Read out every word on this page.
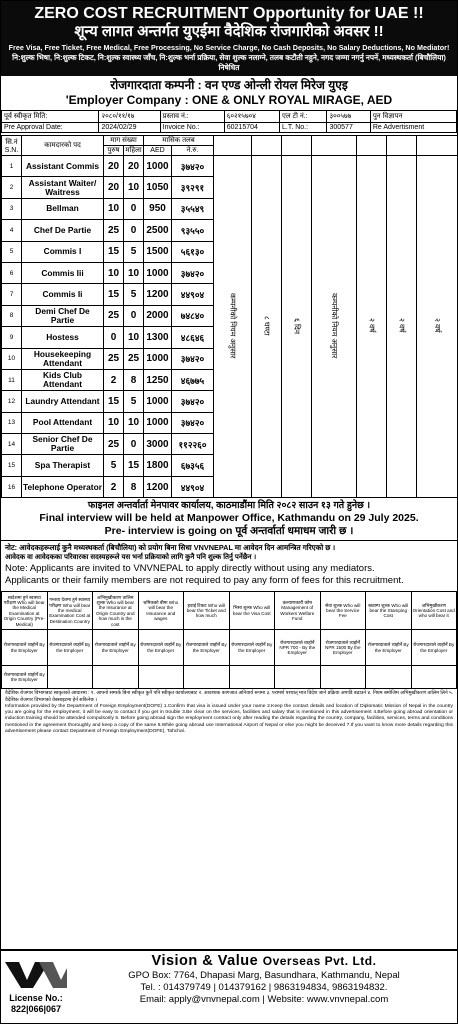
ZERO COST RECRUITMENT Opportunity for UAE !!
शून्य लागत अन्तर्गत युएईमा वैदेशिक रोजगारीको अवसर !!
Free Visa, Free Ticket, Free Medical, Free Processing, No Service Charge, No Cash Deposits, No Salary Deductions, No Mediator!
नि:शुल्क भिषा, नि:शुल्क टिकट, नि:शुल्क स्वास्थ्य जाँच, नि:शुल्क भर्ना प्रक्रिया, सेवा शुल्क नलाग्ने, तलब कटौती नहुने, नगद जम्मा नगर्नु नपर्ने, मध्यस्थकर्ता (बिचौलिया) निषेधित
रोजगारदाता कम्पनी : वन एण्ड ओन्ली रोयल मिरेज युएइ
'Employer Company : ONE & ONLY ROYAL MIRAGE, AED
पूर्व स्वीकृत मिति:	२०८०/११/१७	प्रस्ताव नं.:	६०२१५७०४	एल टी नं.:	३००५७७	पुन विज्ञापन
Pre Approval Date:	2024/02/29	Invoice No.:	60215704	L.T. No.:	300577	Re Advertisment
सि.नं S.N.	कामदारको पद	माग संख्या		मासिक तलब								
		पुरुष	महिला	AED	ने.रु.							
1	Assistant Commis	20	20	1000	३७४२०	कम्पनीको नियम अनुसार	८ घण्टा	६ दिन	कम्पनीको नियम अनुसार	२ वर्ष	२ वर्ष	२ वर्ष
2	Assistant Waiter/ Waitress	20	10	1050	३९२९१							
3	Bellman	10	0	950	३५५४९							
4	Chef De Partie	25	0	2500	९३५५०							
5	Commis I	15	5	1500	५६१३०							
6	Commis Iii	10	10	1000	३७४२०							
7	Commis Ii	15	5	1200	४४९०४							
8	Demi Chef De Partie	25	0	2000	७४८४०							
9	Hostess	0	10	1300	४८६४६							
10	Housekeeping Attendant	25	25	1000	३७४२०							
11	Kids Club Attendant	2	8	1250	४६७७५							
12	Laundry Attendant	15	5	1000	३७४२०							
13	Pool Attendant	10	10	1000	३७४२०							
14	Senior Chef De Partie	25	0	3000	११२२६०							
15	Spa Therapist	5	15	1800	६७३५६							
16	Telephone Operator	2	8	1200	४४९०४							
फाइनल अन्तर्वार्ता मेनपावर कार्यालय, काठमाडौंमा मिति २०८२ साउन १३ गते हुनेछ ।
Final interview will be held at Manpower Office, Kathmandu on 29 July 2025.
Pre- interview is going on पूर्व अन्तर्वार्ता धमाधम जारी छ ।
नोट: आवेदकहरूलाई कुनै मध्यस्थकर्ता (बिचौलिया) को प्रयोग बिना सिधा VNVNEPAL मा आवेदन दिन आमन्त्रित गरिएको छ ।
आवेदक वा आवेदकका परिवारका सदस्यहरूले यस भर्ना प्रक्रियाको लागि कुनै पनि शुल्क तिर्नु पर्नेछैन ।
Note: Applicants are invited to VNVNEPAL to apply directly without using any mediators.
Applicants or their family members are not required to pay any form of fees for this recruitment.
स्वदेशमा हुने स्वास्थ्य परीक्षण Who will bear the Medical Examination at Origin Country (Pre-Medical)	गन्तव्य देशमा हुने स्वास्थ्य परीक्षण Who will bear the medical Examination Cost at Destination Country	अभिमुखीकरण तालिम शुल्क Who will bear the Insurance at Origin Country and how much is the cost	श्रमिकको बीमा Who will bear the Insurance and wages	हवाई टिकट Who will bear the Ticket and how much	भिसा शुल्क Who will bear the Visa Cost	कल्याणकारी कोष Management of Workers Welfare Fund	सेवा शुल्क Who will bear the Service Fee	स्ट्याम्प शुल्क Who will bear the Stamping Cost	अभिमुखीकरण Orientation Cost and who will bear it
रोजगारदाताले व्यहोर्ने By the Employer	रोजगारदाताले व्यहोर्ने By the Employer	रोजगारदाताले व्यहोर्ने By the Employer	रोजगारदाताले व्यहोर्ने By the Employer	रोजगारदाताले व्यहोर्ने By the Employer	रोजगारदाताले व्यहोर्ने By the Employer	रोजगारदाताले व्यहोर्ने NPR 700 - By the Employer	रोजगारदाताले व्यहोर्ने NPR 1500 By the Employer	रोजगारदाताले व्यहोर्ने By the Employer	रोजगारदाताले व्यहोर्ने By the Employer
रोजगारदाताले व्यहोर्ने By the Employer									
वैदेशिक रोजगार विभागबाट स्वकृतको आधारमा : १. आफ्नो सम्पर्क बिना स्वीकृत कुनै पनि स्वीकृत कार्यालयबाट २. आवश्यक कागजात अनिवार्य रूपमा ३. परामर्श पश्चात् मात्र विदेश जाने प्रक्रिया अगाडि बढाउने ४. नियम बमोजिम अभिमुखीकरण तालिम लिने ५. वैदेशिक रोजगार विभागको वेबसाइटमा हेर्न सकिनेछ ।
Information provided by the Department of Foreign Employment(DOFE) 1.Confirm that visa is issued under your name 2.Keep the contact details and location of Diplomatic Mission of Nepal in the country you are going for the employment, it will be easy to contact if you get in trouble 3.Be clear on the services, facilities and salary that is mentioned in this advertisement 4.Before going abroad orientation or induction training should be attended compulsorily 5. Before going abroad sign the employment contract only after reading the details regarding the country, company, facilities, services, terms and conditions mentioned in the agreement thoroughly and keep a copy of the same 6.While going abroad use International Airport of Nepal or else you might be deceived 7.If you want to know more details regarding this advertisement please contact Department of Foreign Employment(DOFE), Tahchal.
License No.:
822|066|067
Vision & Value Overseas Pvt. Ltd.
GPO Box: 7764, Dhapasi Marg, Basundhara, Kathmandu, Nepal
Tel. : 014379749 | 014379162 | 9863194834, 9863194832.
Email: apply@vnvnepal.com | Website: www.vnvnepal.com
